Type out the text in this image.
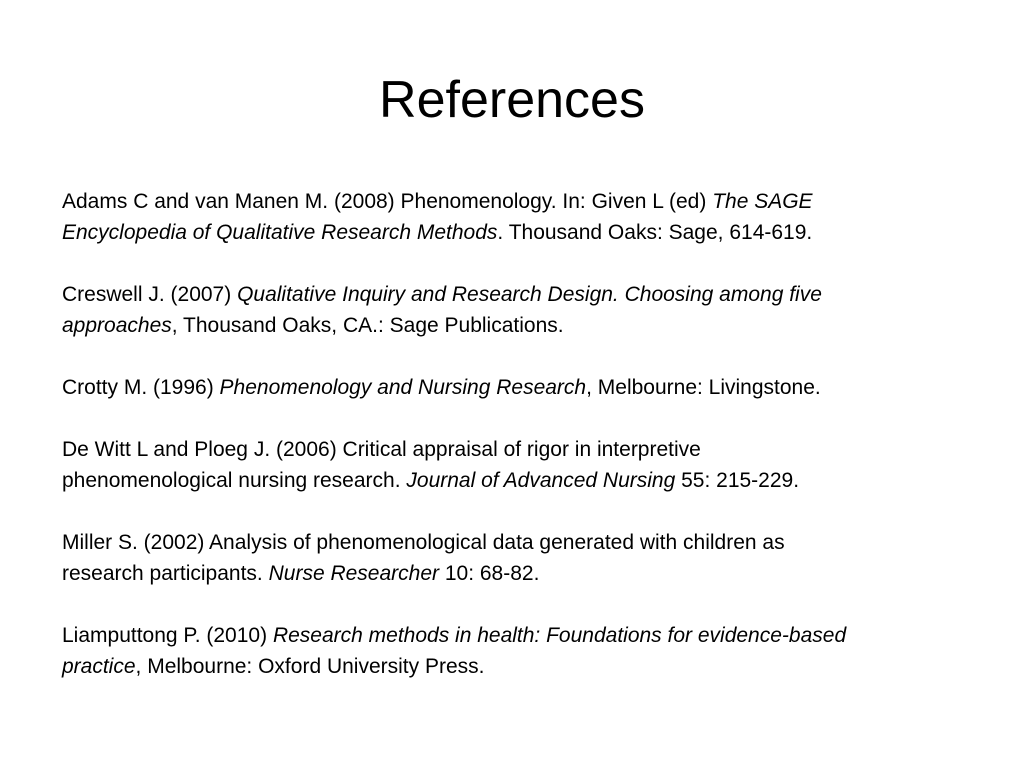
References
Adams C and van Manen M. (2008) Phenomenology. In: Given L (ed) The SAGE
Encyclopedia of Qualitative Research Methods. Thousand Oaks: Sage, 614-619.
Creswell J. (2007) Qualitative Inquiry and Research Design. Choosing among five
approaches, Thousand Oaks, CA.: Sage Publications.
Crotty M. (1996) Phenomenology and Nursing Research, Melbourne: Livingstone.
De Witt L and Ploeg J. (2006) Critical appraisal of rigor in interpretive
phenomenological nursing research. Journal of Advanced Nursing 55: 215-229.
Miller S. (2002) Analysis of phenomenological data generated with children as
research participants. Nurse Researcher 10: 68-82.
Liamputtong P. (2010) Research methods in health: Foundations for evidence-based
practice, Melbourne: Oxford University Press.
